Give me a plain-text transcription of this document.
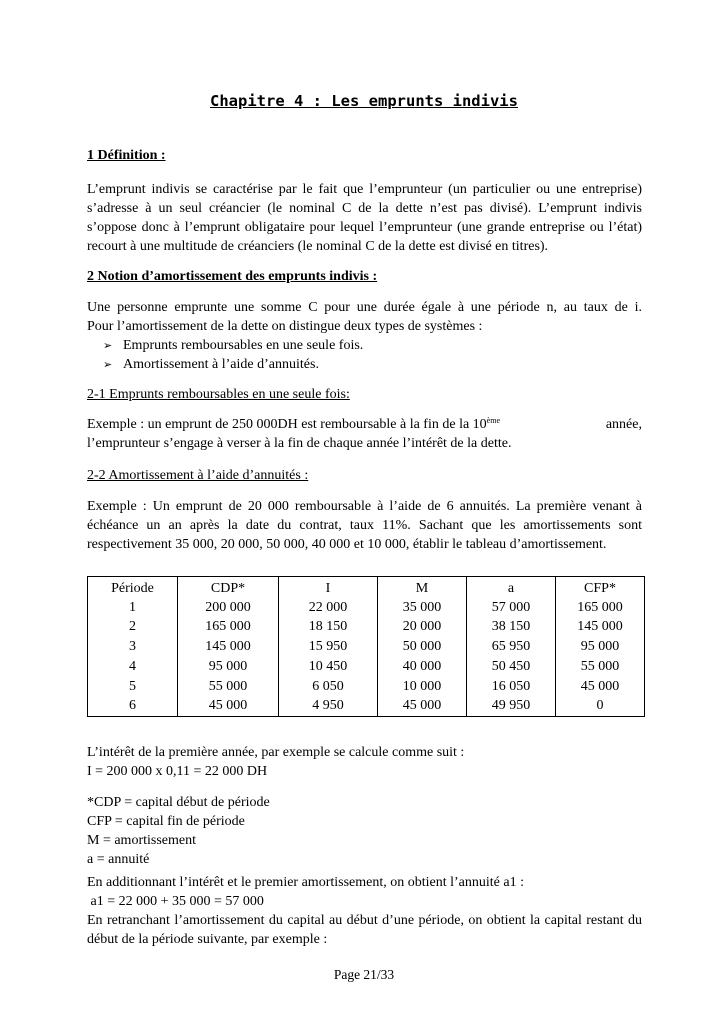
Chapitre 4 : Les emprunts indivis
1 Définition :
L’emprunt indivis se caractérise par le fait que l’emprunteur (un particulier ou une entreprise) s’adresse à un seul créancier (le nominal C de la dette n’est pas divisé). L’emprunt indivis s’oppose donc à l’emprunt obligataire pour lequel l’emprunteur (une grande entreprise ou l’état) recourt à une multitude de créanciers (le nominal C de la dette est divisé en titres).
2 Notion d’amortissement des emprunts indivis :
Une personne emprunte une somme C pour une durée égale à une période n, au taux de i.
Pour l’amortissement de la dette on distingue deux types de systèmes :
➢ Emprunts remboursables en une seule fois.
➢ Amortissement à l’aide d’annuités.
2-1 Emprunts remboursables en une seule fois:
Exemple : un emprunt de 250 000DH est remboursable à la fin de la 10ème	année,
l’emprunteur s’engage à verser à la fin de chaque année l’intérêt de la dette.
2-2 Amortissement à l’aide d’annuités :
Exemple : Un emprunt de 20 000 remboursable à l’aide de 6 annuités. La première venant à échéance un an après la date du contrat, taux 11%. Sachant que les amortissements sont respectivement 35 000, 20 000, 50 000, 40 000 et 10 000, établir le tableau d’amortissement.
Période	CDP*	I	M	a	CFP*
1	200 000	22 000	35 000	57 000	165 000
2	165 000	18 150	20 000	38 150	145 000
3	145 000	15 950	50 000	65 950	95 000
4	95 000	10 450	40 000	50 450	55 000
5	55 000	6 050	10 000	16 050	45 000
6	45 000	4 950	45 000	49 950	0
L’intérêt de la première année, par exemple se calcule comme suit :
I = 200 000 x 0,11 = 22 000 DH
*CDP = capital début de période
CFP = capital fin de période
M = amortissement
a = annuité
En additionnant l’intérêt et le premier amortissement, on obtient l’annuité a1 :
a1 = 22 000 + 35 000 = 57 000
En retranchant l’amortissement du capital au début d’une période, on obtient la capital restant du début de la période suivante, par exemple :
Page 21/33
